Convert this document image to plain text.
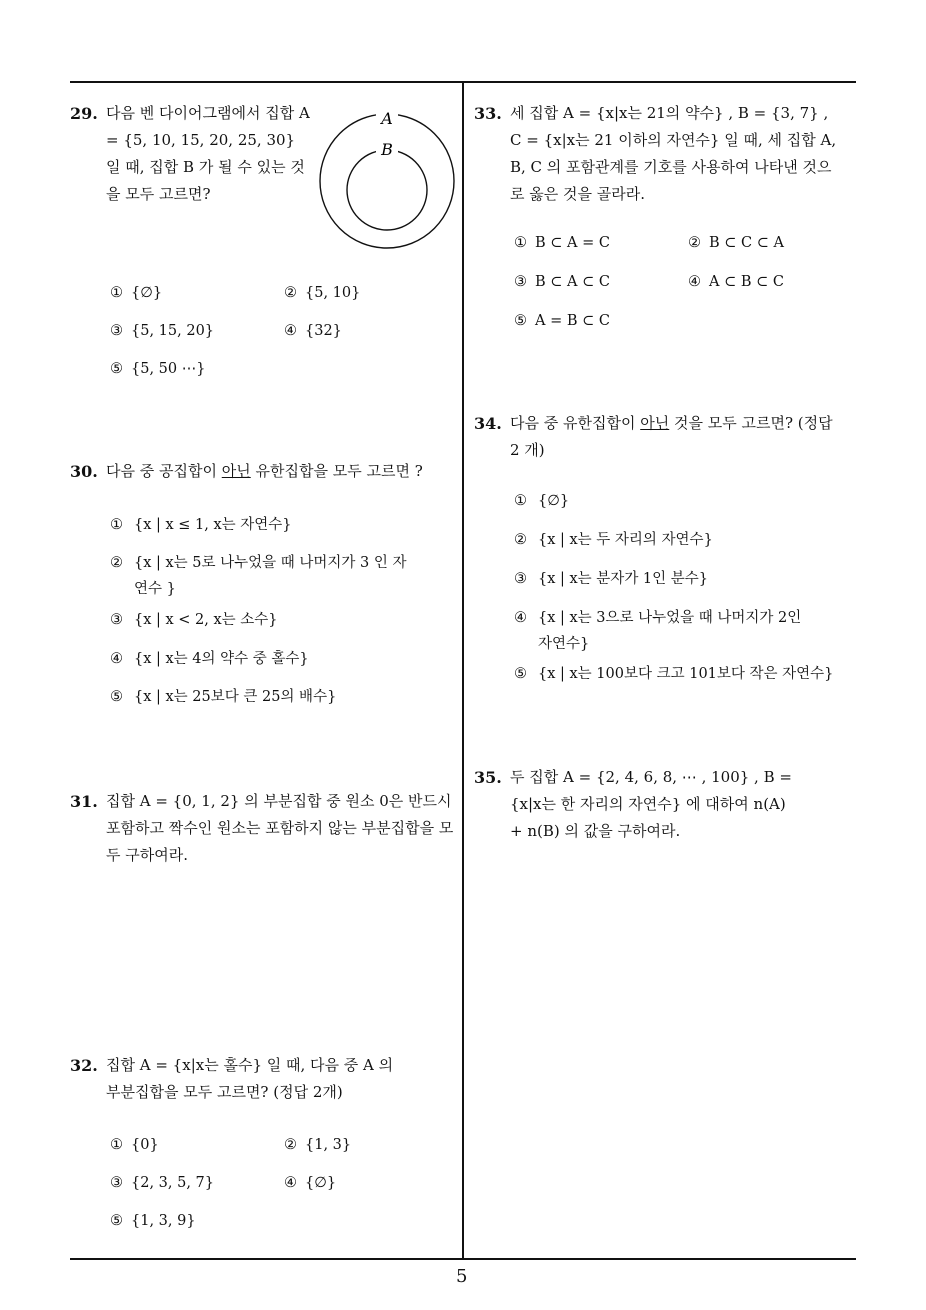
5
29. 다음 벤 다이어그램에서 집합 A = {5, 10, 15, 20, 25, 30} 일 때, 집합 B 가 될 수 있는 것을 모두 고르면?
A
B
① {∅}	② {5, 10}
③ {5, 15, 20}	④ {32}
⑤ {5, 50 ⋯}
30. 다음 중 공집합이 아닌 유한집합을 모두 고르면 ?
① {x | x ≤ 1, x는 자연수}
② {x | x는 5로 나누었을 때 나머지가 3 인 자연수 }
③ {x | x < 2, x는 소수}
④ {x | x는 4의 약수 중 홀수}
⑤ {x | x는 25보다 큰 25의 배수}
31. 집합 A = {0, 1, 2} 의 부분집합 중 원소 0은 반드시 포함하고 짝수인 원소는 포함하지 않는 부분집합을 모두 구하여라.
32. 집합 A = {x|x는 홀수} 일 때, 다음 중 A 의 부분집합을 모두 고르면? (정답 2개)
① {0}	② {1, 3}
③ {2, 3, 5, 7}	④ {∅}
⑤ {1, 3, 9}
33. 세 집합 A = {x|x는 21의 약수} , B = {3, 7} , C = {x|x는 21 이하의 자연수} 일 때, 세 집합 A, B, C 의 포함관계를 기호를 사용하여 나타낸 것으로 옳은 것을 골라라.
① B ⊂ A = C	② B ⊂ C ⊂ A
③ B ⊂ A ⊂ C	④ A ⊂ B ⊂ C
⑤ A = B ⊂ C
34. 다음 중 유한집합이 아닌 것을 모두 고르면? (정답 2 개)
① {∅}
② {x | x는 두 자리의 자연수}
③ {x | x는 분자가 1인 분수}
④ {x | x는 3으로 나누었을 때 나머지가 2인 자연수}
⑤ {x | x는 100보다 크고 101보다 작은 자연수}
35. 두 집합 A = {2, 4, 6, 8, ⋯ , 100} , B = {x|x는 한 자리의 자연수} 에 대하여 n(A) + n(B) 의 값을 구하여라.
